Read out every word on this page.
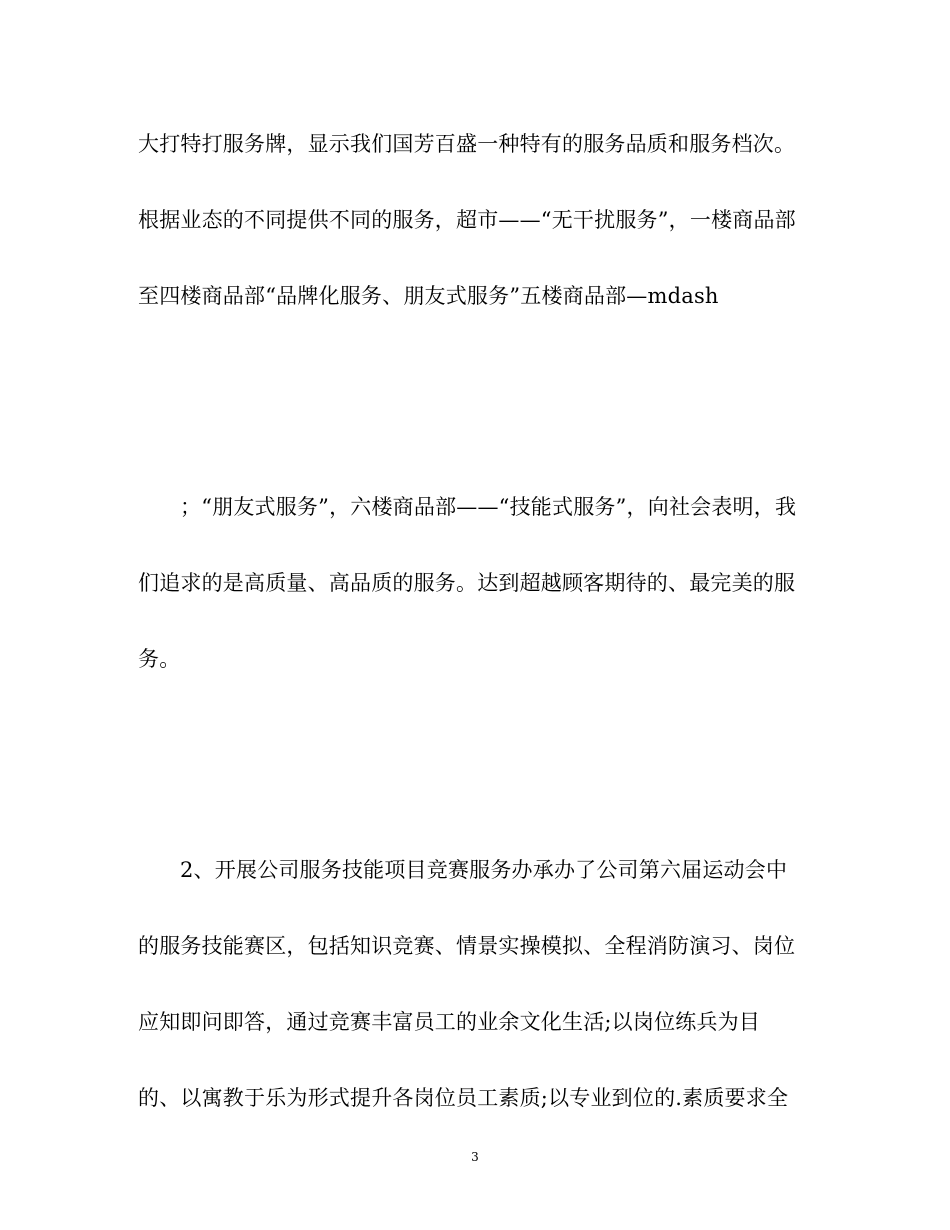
大打特打服务牌，显示我们国芳百盛一种特有的服务品质和服务档次。
根据业态的不同提供不同的服务，超市——“无干扰服务”，一楼商品部
至四楼商品部“品牌化服务、朋友式服务”五楼商品部—mdash
；“朋友式服务”，六楼商品部——“技能式服务”，向社会表明，我
们追求的是高质量、高品质的服务。达到超越顾客期待的、最完美的服
务。
2、开展公司服务技能项目竞赛服务办承办了公司第六届运动会中
的服务技能赛区，包括知识竞赛、情景实操模拟、全程消防演习、岗位
应知即问即答，通过竞赛丰富员工的业余文化生活;以岗位练兵为目
的、以寓教于乐为形式提升各岗位员工素质;以专业到位的.素质要求全
3
